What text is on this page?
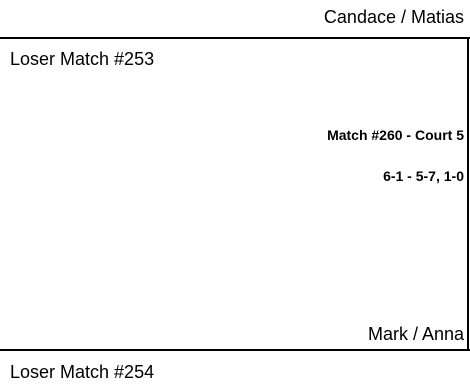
Candace / Matias
Loser Match #253
Match #260 - Court 5
6-1 - 5-7, 1-0
Mark / Anna
Loser Match #254
